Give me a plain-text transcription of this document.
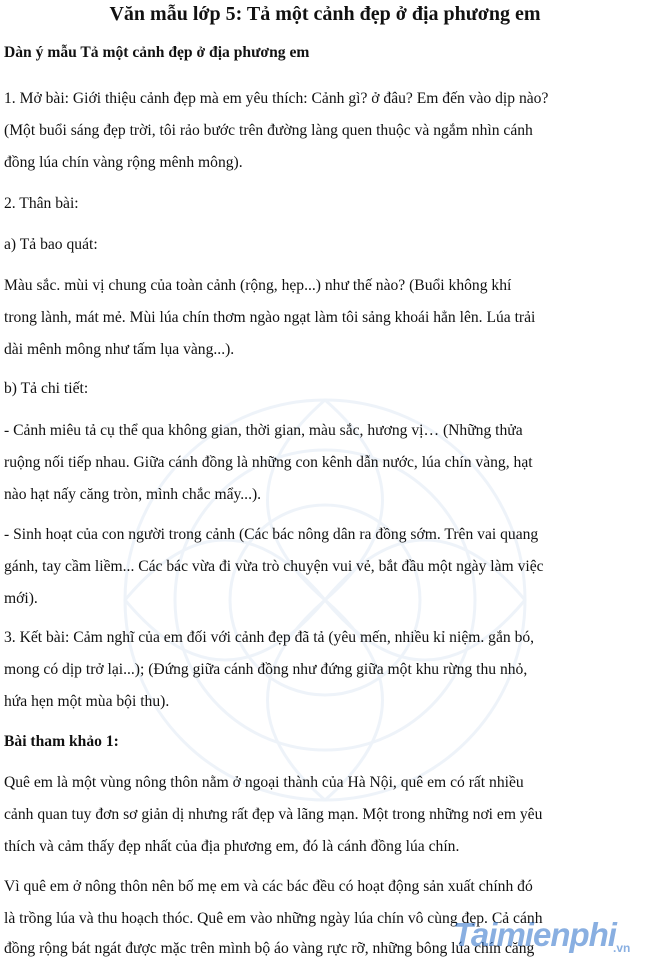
Văn mẫu lớp 5: Tả một cảnh đẹp ở địa phương em
Dàn ý mẫu Tả một cảnh đẹp ở địa phương em
1. Mở bài: Giới thiệu cảnh đẹp mà em yêu thích: Cảnh gì? ở đâu? Em đến vào dịp nào?
(Một buổi sáng đẹp trời, tôi rảo bước trên đường làng quen thuộc và ngắm nhìn cánh
đồng lúa chín vàng rộng mênh mông).
2. Thân bài:
a) Tả bao quát:
Màu sắc. mùi vị chung của toàn cảnh (rộng, hẹp...) như thế nào? (Buổi không khí
trong lành, mát mẻ. Mùi lúa chín thơm ngào ngạt làm tôi sảng khoái hẳn lên. Lúa trải
dài mênh mông như tấm lụa vàng...).
b) Tả chi tiết:
- Cảnh miêu tả cụ thể qua không gian, thời gian, màu sắc, hương vị… (Những thửa
ruộng nối tiếp nhau. Giữa cánh đồng là những con kênh dẫn nước, lúa chín vàng, hạt
nào hạt nấy căng tròn, mình chắc mẩy...).
- Sinh hoạt của con người trong cảnh (Các bác nông dân ra đồng sớm. Trên vai quang
gánh, tay cầm liềm... Các bác vừa đi vừa trò chuyện vui vẻ, bắt đầu một ngày làm việc
mới).
3. Kết bài: Cảm nghĩ của em đối với cảnh đẹp đã tả (yêu mến, nhiều kỉ niệm. gắn bó,
mong có dịp trở lại...); (Đứng giữa cánh đồng như đứng giữa một khu rừng thu nhỏ,
hứa hẹn một mùa bội thu).
Bài tham khảo 1:
Quê em là một vùng nông thôn nằm ở ngoại thành của Hà Nội, quê em có rất nhiều
cảnh quan tuy đơn sơ giản dị nhưng rất đẹp và lãng mạn. Một trong những nơi em yêu
thích và cảm thấy đẹp nhất của địa phương em, đó là cánh đồng lúa chín.
Vì quê em ở nông thôn nên bố mẹ em và các bác đều có hoạt động sản xuất chính đó
là trồng lúa và thu hoạch thóc. Quê em vào những ngày lúa chín vô cùng đẹp. Cả cánh
đồng rộng bát ngát được mặc trên mình bộ áo vàng rực rỡ, những bông lúa chín căng
Taimienphi
.vn
